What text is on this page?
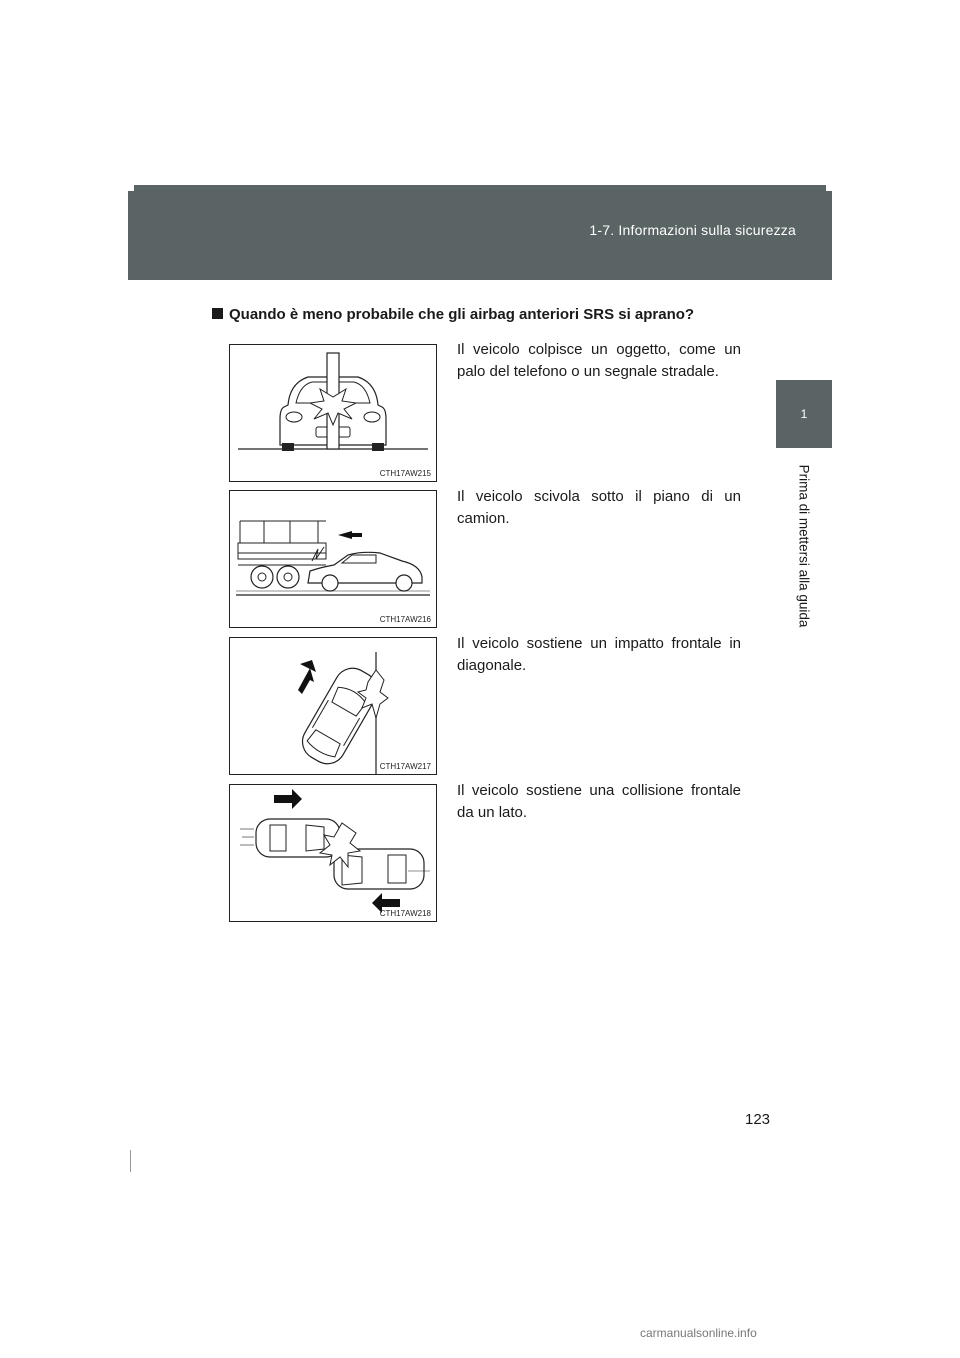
1-7. Informazioni sulla sicurezza
1
Prima di mettersi alla guida
Quando è meno probabile che gli airbag anteriori SRS si aprano?
CTH17AW215
Il veicolo colpisce un oggetto, come un palo del telefono o un segnale stradale.
CTH17AW216
Il veicolo scivola sotto il piano di un camion.
CTH17AW217
Il veicolo sostiene un impatto frontale in diagonale.
CTH17AW218
Il veicolo sostiene una collisione frontale da un lato.
123
carmanualsonline.info
